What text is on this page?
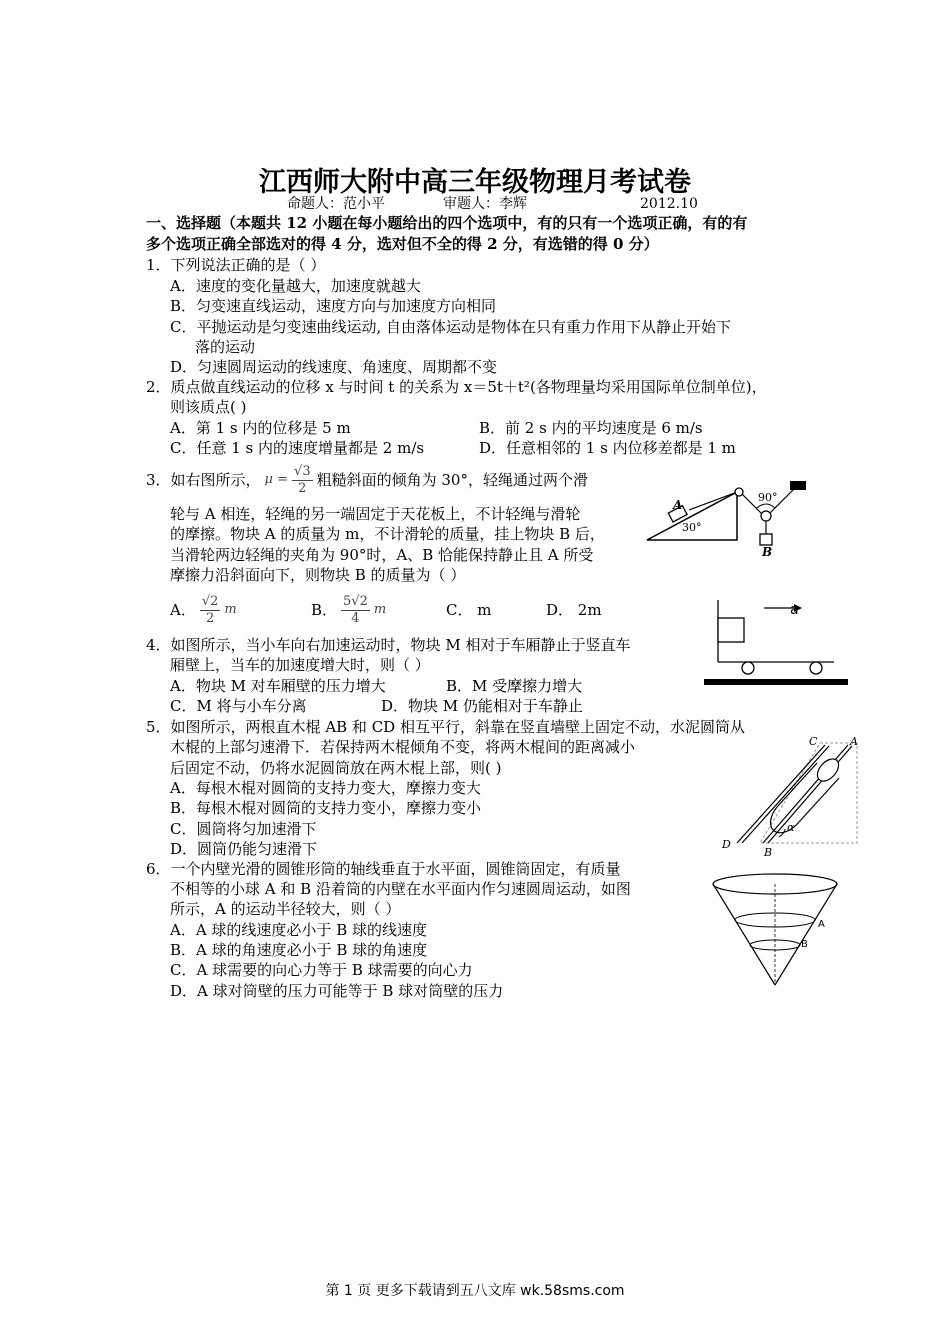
江西师大附中高三年级物理月考试卷
命题人：范小平	审题人：李辉	2012.10
一、选择题（本题共 12 小题在每小题给出的四个选项中，有的只有一个选项正确，有的有
多个选项正确全部选对的得 4 分，选对但不全的得 2 分，有选错的得 0 分）
1．下列说法正确的是（ ）
A．速度的变化量越大，加速度就越大
B．匀变速直线运动，速度方向与加速度方向相同
C．平抛运动是匀变速曲线运动, 自由落体运动是物体在只有重力作用下从静止开始下
落的运动
D．匀速圆周运动的线速度、角速度、周期都不变
2．质点做直线运动的位移 x 与时间 t 的关系为 x＝5t＋t²(各物理量均采用国际单位制单位)，
则该质点( )
A．第 1 s 内的位移是 5 m	B．前 2 s 内的平均速度是 6 m/s
C．任意 1 s 内的速度增量都是 2 m/s	D．任意相邻的 1 s 内位移差都是 1 m
3．如右图所示， $\mu = \frac{√3}{2}$ 粗糙斜面的倾角为 30°，轻绳通过两个滑
轮与 A 相连，轻绳的另一端固定于天花板上，不计轻绳与滑轮
的摩擦。物块 A 的质量为 m，不计滑轮的质量，挂上物块 B 后，
当滑轮两边轻绳的夹角为 90°时，A、B 恰能保持静止且 A 所受
摩擦力沿斜面向下，则物块 B 的质量为（ ）
A． $\frac{√2}{2}$ m	B． $\frac{5√2}{4}$ m	C． m	D． 2m
A
30°
90°
B
4．如图所示，当小车向右加速运动时，物块 M 相对于车厢静止于竖直车
厢壁上，当车的加速度增大时，则（ ）
A．物块 M 对车厢壁的压力增大	B．M 受摩擦力增大
C．M 将与小车分离	D．物块 M 仍能相对于车静止
a
5．如图所示，两根直木棍 AB 和 CD 相互平行，斜靠在竖直墙壁上固定不动，水泥圆筒从
木棍的上部匀速滑下．若保持两木棍倾角不变，将两木棍间的距离减小
后固定不动，仍将水泥圆筒放在两木棍上部，则( )
A．每根木棍对圆筒的支持力变大，摩擦力变大
B．每根木棍对圆筒的支持力变小，摩擦力变小
C．圆筒将匀加速滑下
D．圆筒仍能匀速滑下
C	A
D
B
α
6．一个内壁光滑的圆锥形筒的轴线垂直于水平面，圆锥筒固定，有质量
不相等的小球 A 和 B 沿着筒的内壁在水平面内作匀速圆周运动，如图
所示，A 的运动半径较大，则（ ）
A．A 球的线速度必小于 B 球的线速度
B．A 球的角速度必小于 B 球的角速度
C．A 球需要的向心力等于 B 球需要的向心力
D．A 球对筒壁的压力可能等于 B 球对筒壁的压力
A
B
第 1 页 更多下载请到五八文库 wk.58sms.com
